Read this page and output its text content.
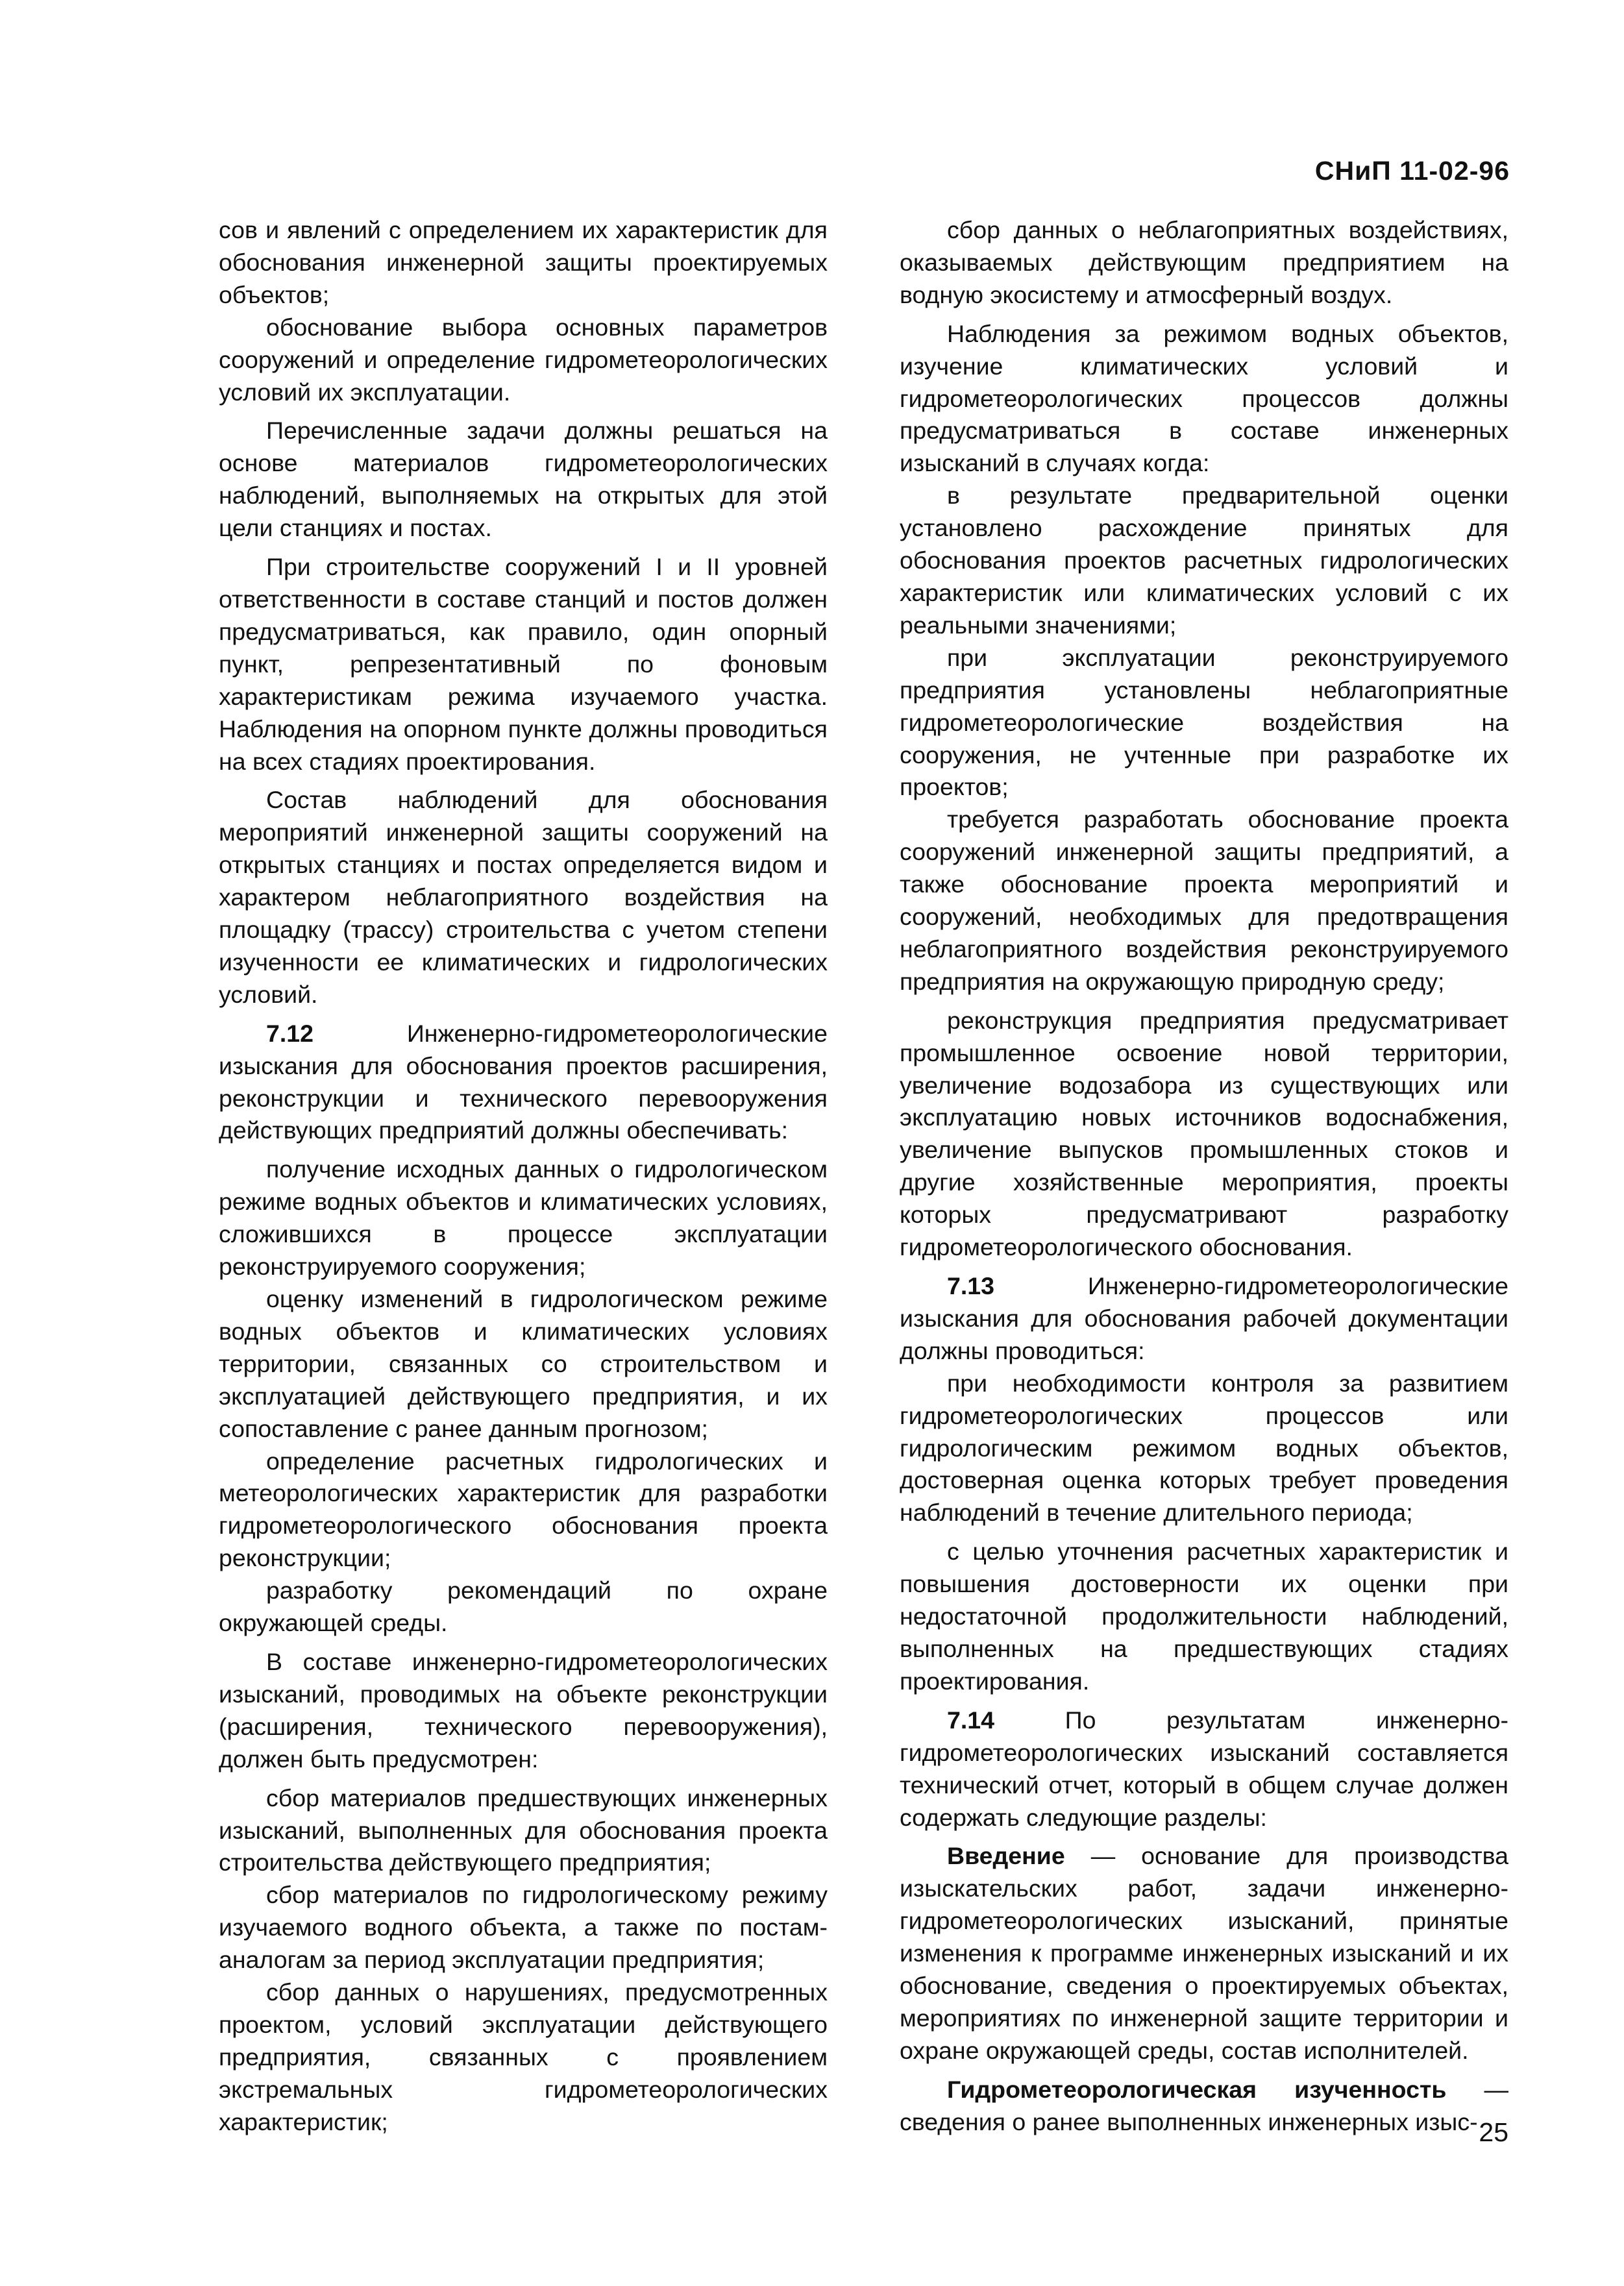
СНиП 11-02-96

сов и явлений с определением их характеристик для обоснования инженерной защиты проектируемых объектов;

обоснование выбора основных параметров сооружений и определение гидрометеорологических условий их эксплуатации.

Перечисленные задачи должны решаться на основе материалов гидрометеорологических наблюдений, выполняемых на открытых для этой цели станциях и постах.

При строительстве сооружений I и II уровней ответственности в составе станций и постов должен предусматриваться, как правило, один опорный пункт, репрезентативный по фоновым характеристикам режима изучаемого участка. Наблюдения на опорном пункте должны проводиться на всех стадиях проектирования.

Состав наблюдений для обоснования мероприятий инженерной защиты сооружений на открытых станциях и постах определяется видом и характером неблагоприятного воздействия на площадку (трассу) строительства с учетом степени изученности ее климатических и гидрологических условий.

7.12	Инженерно-гидрометеорологические изыскания для обоснования проектов расширения, реконструкции и технического перевооружения действующих предприятий должны обеспечивать:

получение исходных данных о гидрологическом режиме водных объектов и климатических условиях, сложившихся в процессе эксплуатации реконструируемого сооружения;

оценку изменений в гидрологическом режиме водных объектов и климатических условиях территории, связанных со строительством и эксплуатацией действующего предприятия, и их сопоставление с ранее данным прогнозом;

определение расчетных гидрологических и метеорологических характеристик для разработки гидрометеорологического обоснования проекта реконструкции;

разработку рекомендаций по охране окружающей среды.

В составе инженерно-гидрометеорологических изысканий, проводимых на объекте реконструкции (расширения, технического перевооружения), должен быть предусмотрен:

сбор материалов предшествующих инженерных изысканий, выполненных для обоснования проекта строительства действующего предприятия;

сбор материалов по гидрологическому режиму изучаемого водного объекта, а также по постам-аналогам за период эксплуатации предприятия;

сбор данных о нарушениях, предусмотренных проектом, условий эксплуатации действующего предприятия, связанных с проявлением экстремальных гидрометеорологических характеристик;

сбор данных о неблагоприятных воздействиях, оказываемых действующим предприятием на водную экосистему и атмосферный воздух.

Наблюдения за режимом водных объектов, изучение климатических условий и гидрометеорологических процессов должны предусматриваться в составе инженерных изысканий в случаях когда:

в результате предварительной оценки установлено расхождение принятых для обоснования проектов расчетных гидрологических характеристик или климатических условий с их реальными значениями;

при эксплуатации реконструируемого предприятия установлены неблагоприятные гидрометеорологические воздействия на сооружения, не учтенные при разработке их проектов;

требуется разработать обоснование проекта сооружений инженерной защиты предприятий, а также обоснование проекта мероприятий и сооружений, необходимых для предотвращения неблагоприятного воздействия реконструируемого предприятия на окружающую природную среду;

реконструкция предприятия предусматривает промышленное освоение новой территории, увеличение водозабора из существующих или эксплуатацию новых источников водоснабжения, увеличение выпусков промышленных стоков и другие хозяйственные мероприятия, проекты которых предусматривают разработку гидрометеорологического обоснования.

7.13	Инженерно-гидрометеорологические изыскания для обоснования рабочей документации должны проводиться:

при необходимости контроля за развитием гидрометеорологических процессов или гидрологическим режимом водных объектов, достоверная оценка которых требует проведения наблюдений в течение длительного периода;

с целью уточнения расчетных характеристик и повышения достоверности их оценки при недостаточной продолжительности наблюдений, выполненных на предшествующих стадиях проектирования.

7.14	По результатам инженерно-гидрометеорологических изысканий составляется технический отчет, который в общем случае должен содержать следующие разделы:

Введение — основание для производства изыскательских работ, задачи инженерно-гидрометеорологических изысканий, принятые изменения к программе инженерных изысканий и их обоснование, сведения о проектируемых объектах, мероприятиях по инженерной защите территории и охране окружающей среды, состав исполнителей.

Гидрометеорологическая изученность — сведения о ранее выполненных инженерных изыс- 25
